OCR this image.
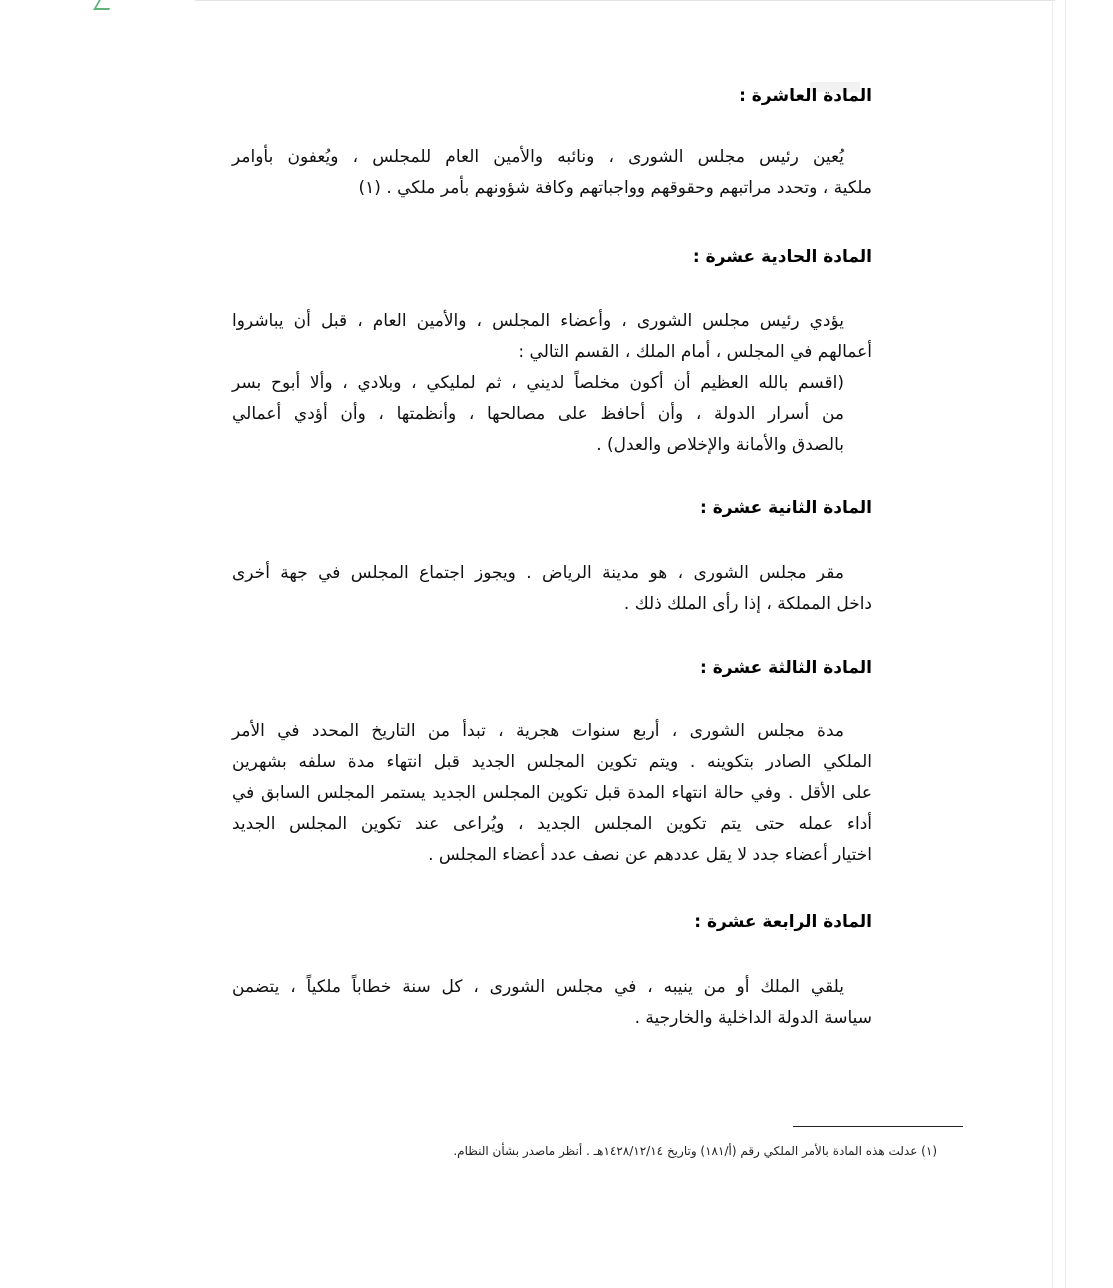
المادة العاشرة :
يُعين رئيس مجلس الشورى ، ونائبه والأمين العام للمجلس ، ويُعفون بأوامر
ملكية ، وتحدد مراتبهم وحقوقهم وواجباتهم وكافة شؤونهم بأمر ملكي . (١)
المادة الحادية عشرة :
يؤدي رئيس مجلس الشورى ، وأعضاء المجلس ، والأمين العام ، قبل أن يباشروا
أعمالهم في المجلس ، أمام الملك ، القسم التالي :
(اقسم بالله العظيم أن أكون مخلصاً لديني ، ثم لمليكي ، وبلادي ، وألا أبوح بسر
من أسرار الدولة ، وأن أحافظ على مصالحها ، وأنظمتها ، وأن أؤدي أعمالي
بالصدق والأمانة والإخلاص والعدل) .
المادة الثانية عشرة :
مقر مجلس الشورى ، هو مدينة الرياض . ويجوز اجتماع المجلس في جهة أخرى
داخل المملكة ، إذا رأى الملك ذلك .
المادة الثالثة عشرة :
مدة مجلس الشورى ، أربع سنوات هجرية ، تبدأ من التاريخ المحدد في الأمر
الملكي الصادر بتكوينه . ويتم تكوين المجلس الجديد قبل انتهاء مدة سلفه بشهرين
على الأقل . وفي حالة انتهاء المدة قبل تكوين المجلس الجديد يستمر المجلس السابق في
أداء عمله حتى يتم تكوين المجلس الجديد ، ويُراعى عند تكوين المجلس الجديد
اختيار أعضاء جدد لا يقل عددهم عن نصف عدد أعضاء المجلس .
المادة الرابعة عشرة :
يلقي الملك أو من ينيبه ، في مجلس الشورى ، كل سنة خطاباً ملكياً ، يتضمن
سياسة الدولة الداخلية والخارجية .
(١) عدلت هذه المادة بالأمر الملكي رقم (أ/١٨١) وتاريخ ١٤٢٨/١٢/١٤هـ . أنظر ماصدر بشأن النظام.
